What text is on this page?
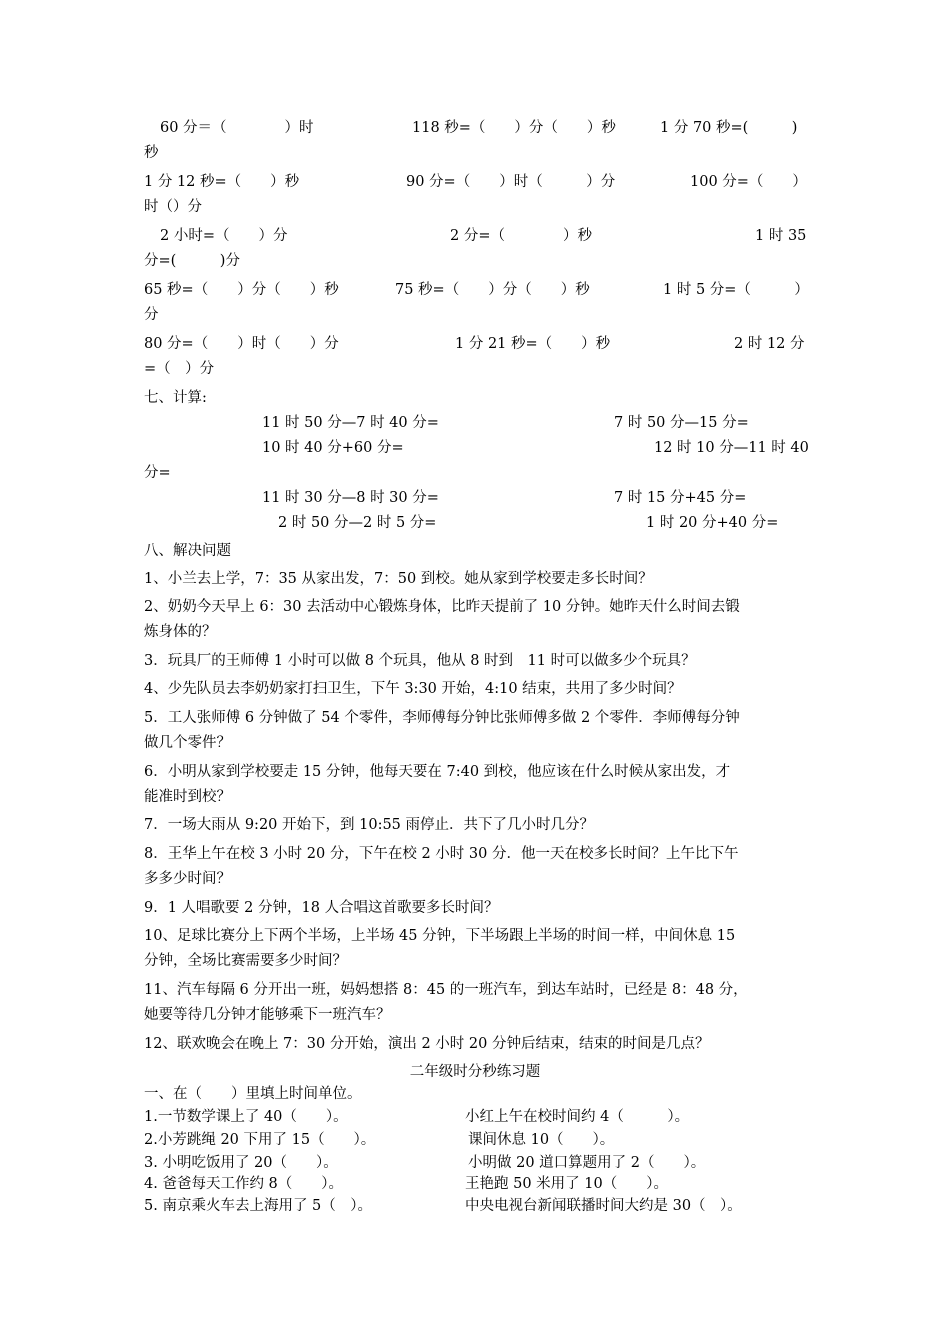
60 分＝（　　　　）时	118 秒=（　　）分（　　）秒	1 分 70 秒=(　　　)
秒
1 分 12 秒=（　　）秒	90 分=（　　）时（　　　）分	100 分=（　　）
时（）分
2 小时=（　　）分	2 分=（　　　　）秒	1 时 35
分=(　　　)分
65 秒=（　　）分（　　）秒	75 秒=（　　）分（　　）秒	1 时 5 分=（　　　）
分
80 分=（　　）时（　　）分	1 分 21 秒=（　　）秒	2 时 12 分
=（　）分
七、计算:
11 时 50 分—7 时 40 分=	7 时 50 分—15 分=
10 时 40 分+60 分=	12 时 10 分—11 时 40
分=
11 时 30 分—8 时 30 分=	7 时 15 分+45 分=
2 时 50 分—2 时 5 分=	1 时 20 分+40 分=
八、解决问题
1、小兰去上学，7：35 从家出发，7：50 到校。她从家到学校要走多长时间？
2、奶奶今天早上 6：30 去活动中心锻炼身体，比昨天提前了 10 分钟。她昨天什么时间去锻
炼身体的？
3．玩具厂的王师傅 1 小时可以做 8 个玩具，他从 8 时到　11 时可以做多少个玩具？
4、少先队员去李奶奶家打扫卫生，下午 3:30 开始，4:10 结束，共用了多少时间？
5．工人张师傅 6 分钟做了 54 个零件，李师傅每分钟比张师傅多做 2 个零件．李师傅每分钟
做几个零件？
6．小明从家到学校要走 15 分钟，他每天要在 7:40 到校，他应该在什么时候从家出发，才
能准时到校？
7．一场大雨从 9:20 开始下，到 10:55 雨停止．共下了几小时几分？
8．王华上午在校 3 小时 20 分，下午在校 2 小时 30 分．他一天在校多长时间？上午比下午
多多少时间？
9．1 人唱歌要 2 分钟，18 人合唱这首歌要多长时间？
10、足球比赛分上下两个半场，上半场 45 分钟，下半场跟上半场的时间一样，中间休息 15
分钟，全场比赛需要多少时间？
11、汽车每隔 6 分开出一班，妈妈想搭 8：45 的一班汽车，到达车站时，已经是 8：48 分，
她要等待几分钟才能够乘下一班汽车？
12、联欢晚会在晚上 7：30 分开始，演出 2 小时 20 分钟后结束，结束的时间是几点？
二年级时分秒练习题
一、在（　　）里填上时间单位。
1.一节数学课上了 40（　　）。	小红上午在校时间约 4（　　　）。
2.小芳跳绳 20 下用了 15（　　）。	课间休息 10（　　）。
3. 小明吃饭用了 20（　　）。	小明做 20 道口算题用了 2（　　）。
4. 爸爸每天工作约 8（　　）。	王艳跑 50 米用了 10（　　）。
5. 南京乘火车去上海用了 5（　）。	中央电视台新闻联播时间大约是 30（　）。
